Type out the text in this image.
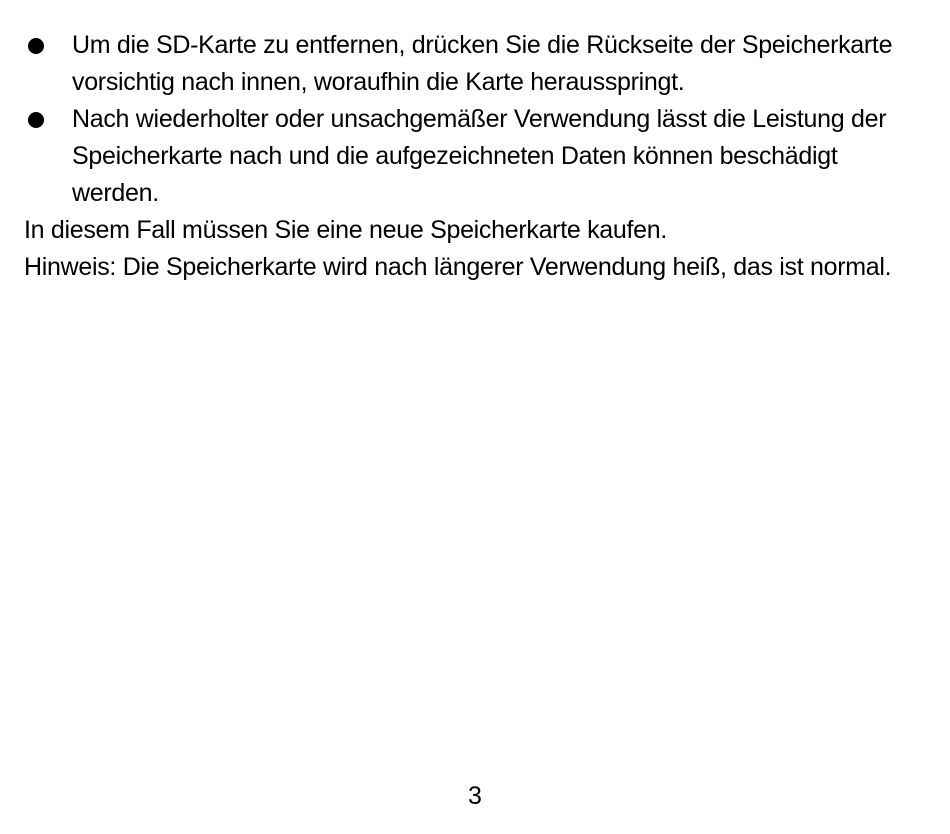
Um die SD-Karte zu entfernen, drücken Sie die Rückseite der Speicherkarte vorsichtig nach innen, woraufhin die Karte herausspringt.
Nach wiederholter oder unsachgemäßer Verwendung lässt die Leistung der Speicherkarte nach und die aufgezeichneten Daten können beschädigt werden.

In diesem Fall müssen Sie eine neue Speicherkarte kaufen.

Hinweis: Die Speicherkarte wird nach längerer Verwendung heiß, das ist normal.

3
